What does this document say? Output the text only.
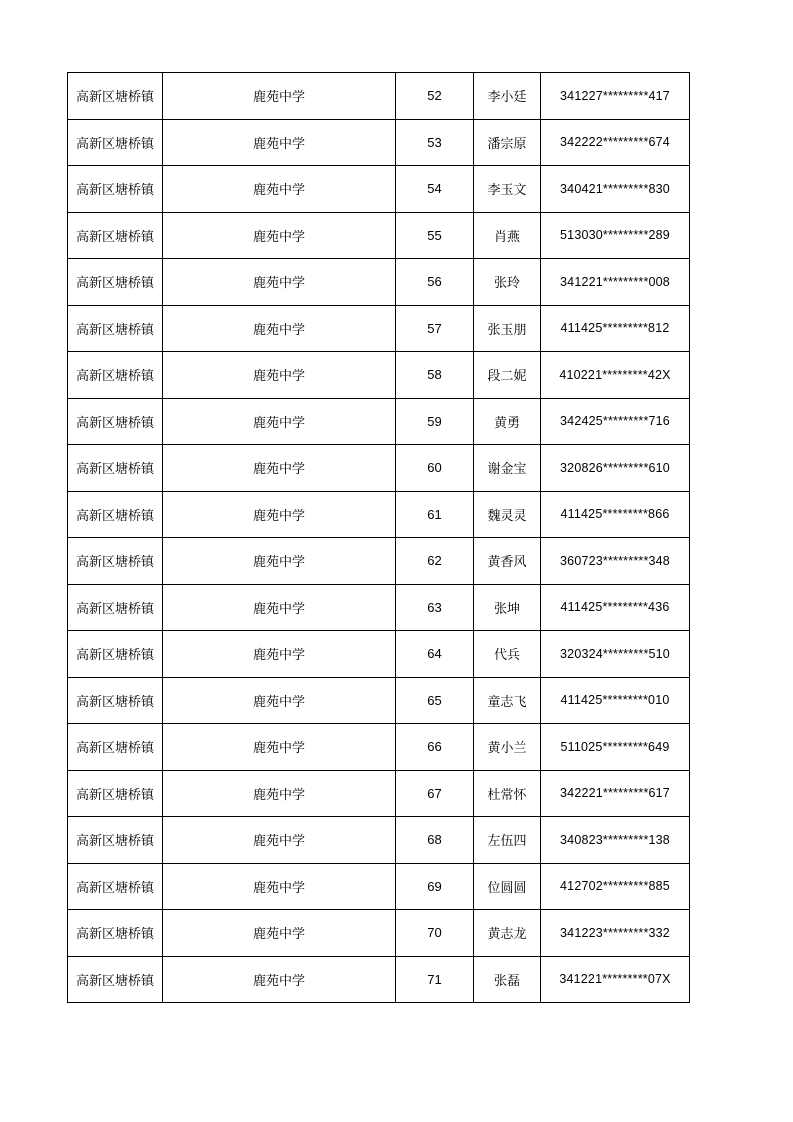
高新区塘桥镇	鹿苑中学	52	李小廷	341227*********417
高新区塘桥镇	鹿苑中学	53	潘宗原	342222*********674
高新区塘桥镇	鹿苑中学	54	李玉文	340421*********830
高新区塘桥镇	鹿苑中学	55	肖燕	513030*********289
高新区塘桥镇	鹿苑中学	56	张玲	341221*********008
高新区塘桥镇	鹿苑中学	57	张玉朋	411425*********812
高新区塘桥镇	鹿苑中学	58	段二妮	410221*********42X
高新区塘桥镇	鹿苑中学	59	黄勇	342425*********716
高新区塘桥镇	鹿苑中学	60	谢金宝	320826*********610
高新区塘桥镇	鹿苑中学	61	魏灵灵	411425*********866
高新区塘桥镇	鹿苑中学	62	黄香风	360723*********348
高新区塘桥镇	鹿苑中学	63	张坤	411425*********436
高新区塘桥镇	鹿苑中学	64	代兵	320324*********510
高新区塘桥镇	鹿苑中学	65	童志飞	411425*********010
高新区塘桥镇	鹿苑中学	66	黄小兰	511025*********649
高新区塘桥镇	鹿苑中学	67	杜常怀	342221*********617
高新区塘桥镇	鹿苑中学	68	左伍四	340823*********138
高新区塘桥镇	鹿苑中学	69	位圆圆	412702*********885
高新区塘桥镇	鹿苑中学	70	黄志龙	341223*********332
高新区塘桥镇	鹿苑中学	71	张磊	341221*********07X
